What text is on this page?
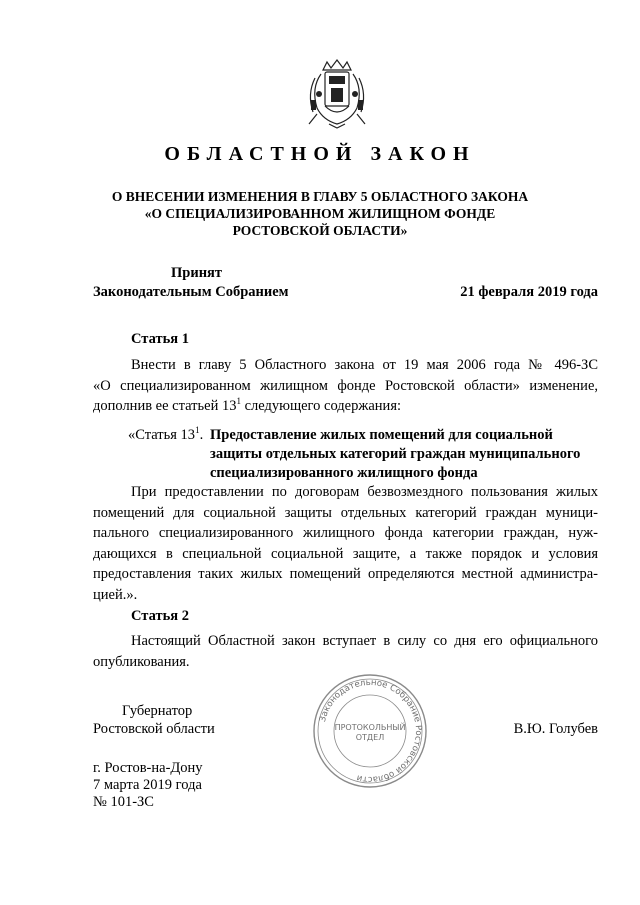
ОБЛАСТНОЙ ЗАКОН
О ВНЕСЕНИИ ИЗМЕНЕНИЯ В ГЛАВУ 5 ОБЛАСТНОГО ЗАКОНА
«О СПЕЦИАЛИЗИРОВАННОМ ЖИЛИЩНОМ ФОНДЕ
РОСТОВСКОЙ ОБЛАСТИ»
Принят
Законодательным Собранием	21 февраля 2019 года
Статья 1
Внести в главу 5 Областного закона от 19 мая 2006 года № 496-ЗС
«О специализированном жилищном фонде Ростовской области» изменение,
дополнив ее статьей $13^1$ следующего содержания:
«Статья $13^1$. Предоставление жилых помещений для социальной
защиты отдельных категорий граждан муниципального
специализированного жилищного фонда
При предоставлении по договорам безвозмездного пользования жилых
помещений для социальной защиты отдельных категорий граждан муници-
пального специализированного жилищного фонда категории граждан, нуж-
дающихся в специальной социальной защите, а также порядок и условия
предоставления таких жилых помещений определяются местной администра-
цией.».
Статья 2
Настоящий Областной закон вступает в силу со дня его официального
опубликования.
Законодательное Собрание Ростовской области
ПРОТОКОЛЬНЫЙ
ОТДЕЛ
Губернатор
Ростовской области	В.Ю. Голубев
г. Ростов-на-Дону
7 марта 2019 года
№ 101-ЗС
